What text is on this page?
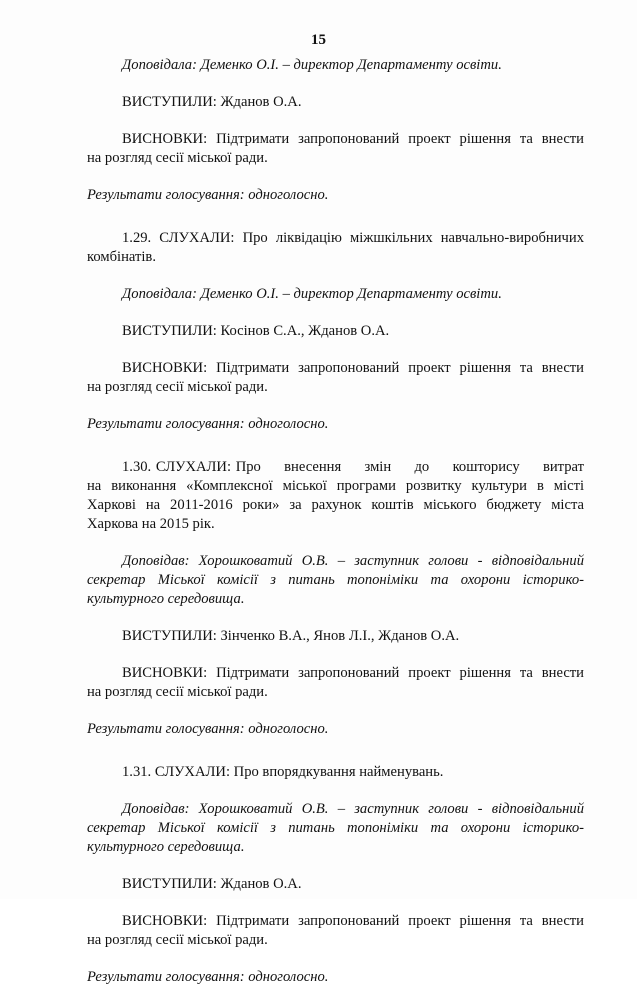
15

Доповідала: Деменко О.І. – директор Департаменту освіти.

ВИСТУПИЛИ: Жданов О.А.

ВИСНОВКИ: Підтримати запропонований проект рішення та внести

на розгляд сесії міської ради.

Результати голосування: одноголосно.

1.29. СЛУХАЛИ: Про ліквідацію міжшкільних навчально-виробничих

комбінатів.

Доповідала: Деменко О.І. – директор Департаменту освіти.

ВИСТУПИЛИ: Косінов С.А., Жданов О.А.

ВИСНОВКИ: Підтримати запропонований проект рішення та внести

на розгляд сесії міської ради.

Результати голосування: одноголосно.

1.30. СЛУХАЛИ: Про     внесення     змін     до     кошторису     витрат

на виконання «Комплексної міської програми розвитку культури в місті

Харкові на 2011-2016 роки» за рахунок коштів міського бюджету міста

Харкова на 2015 рік.

Доповідав: Хорошковатий О.В. – заступник голови - відповідальний

секретар Міської комісії з питань топоніміки та охорони історико-

культурного середовища.

ВИСТУПИЛИ: Зінченко В.А., Янов Л.І., Жданов О.А.

ВИСНОВКИ: Підтримати запропонований проект рішення та внести

на розгляд сесії міської ради.

Результати голосування: одноголосно.

1.31. СЛУХАЛИ: Про впорядкування найменувань.

Доповідав: Хорошковатий О.В. – заступник голови - відповідальний

секретар Міської комісії з питань топоніміки та охорони історико-

культурного середовища.

ВИСТУПИЛИ: Жданов О.А.

ВИСНОВКИ: Підтримати запропонований проект рішення та внести

на розгляд сесії міської ради.

Результати голосування: одноголосно.
